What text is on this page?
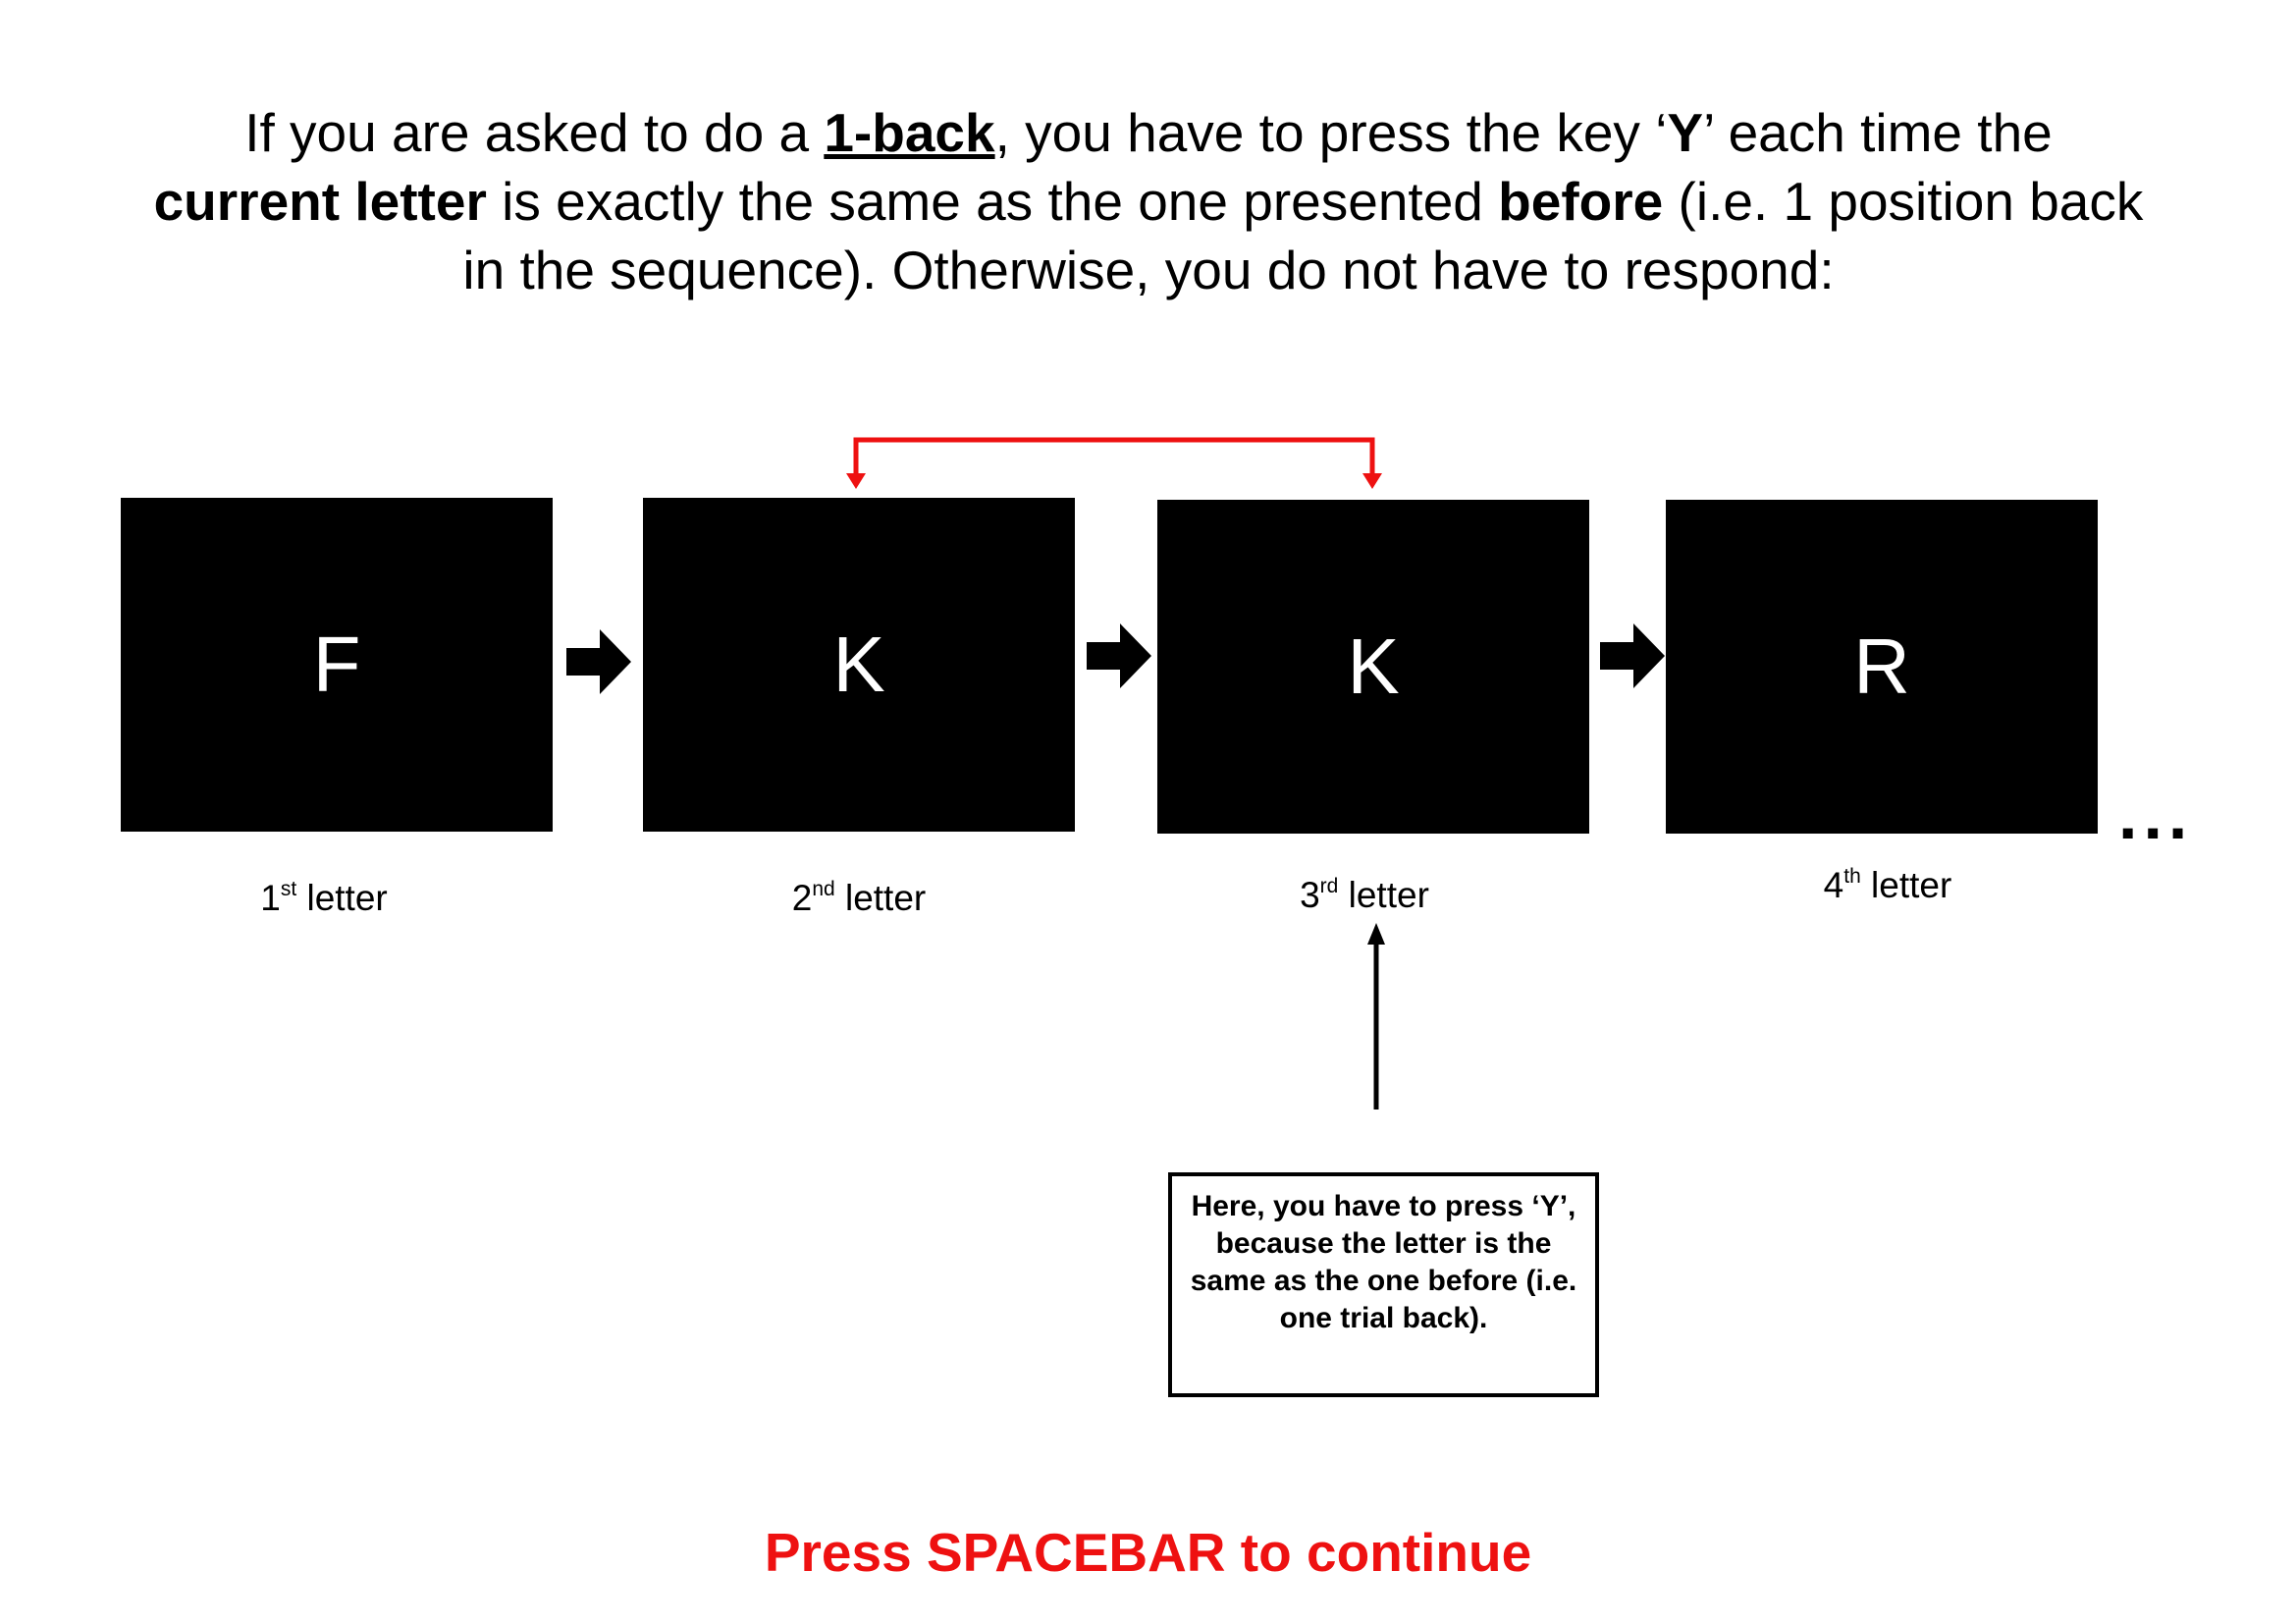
If you are asked to do a 1-back, you have to press the key ‘Y’ each time the current letter is exactly the same as the one presented before (i.e. 1 position back in the sequence). Otherwise, you do not have to respond:
F	K	K	R
...
1st letter	2nd letter	3rd letter	4th letter
Here, you have to press ‘Y’, because the letter is the same as the one before (i.e. one trial back).
Press SPACEBAR to continue
